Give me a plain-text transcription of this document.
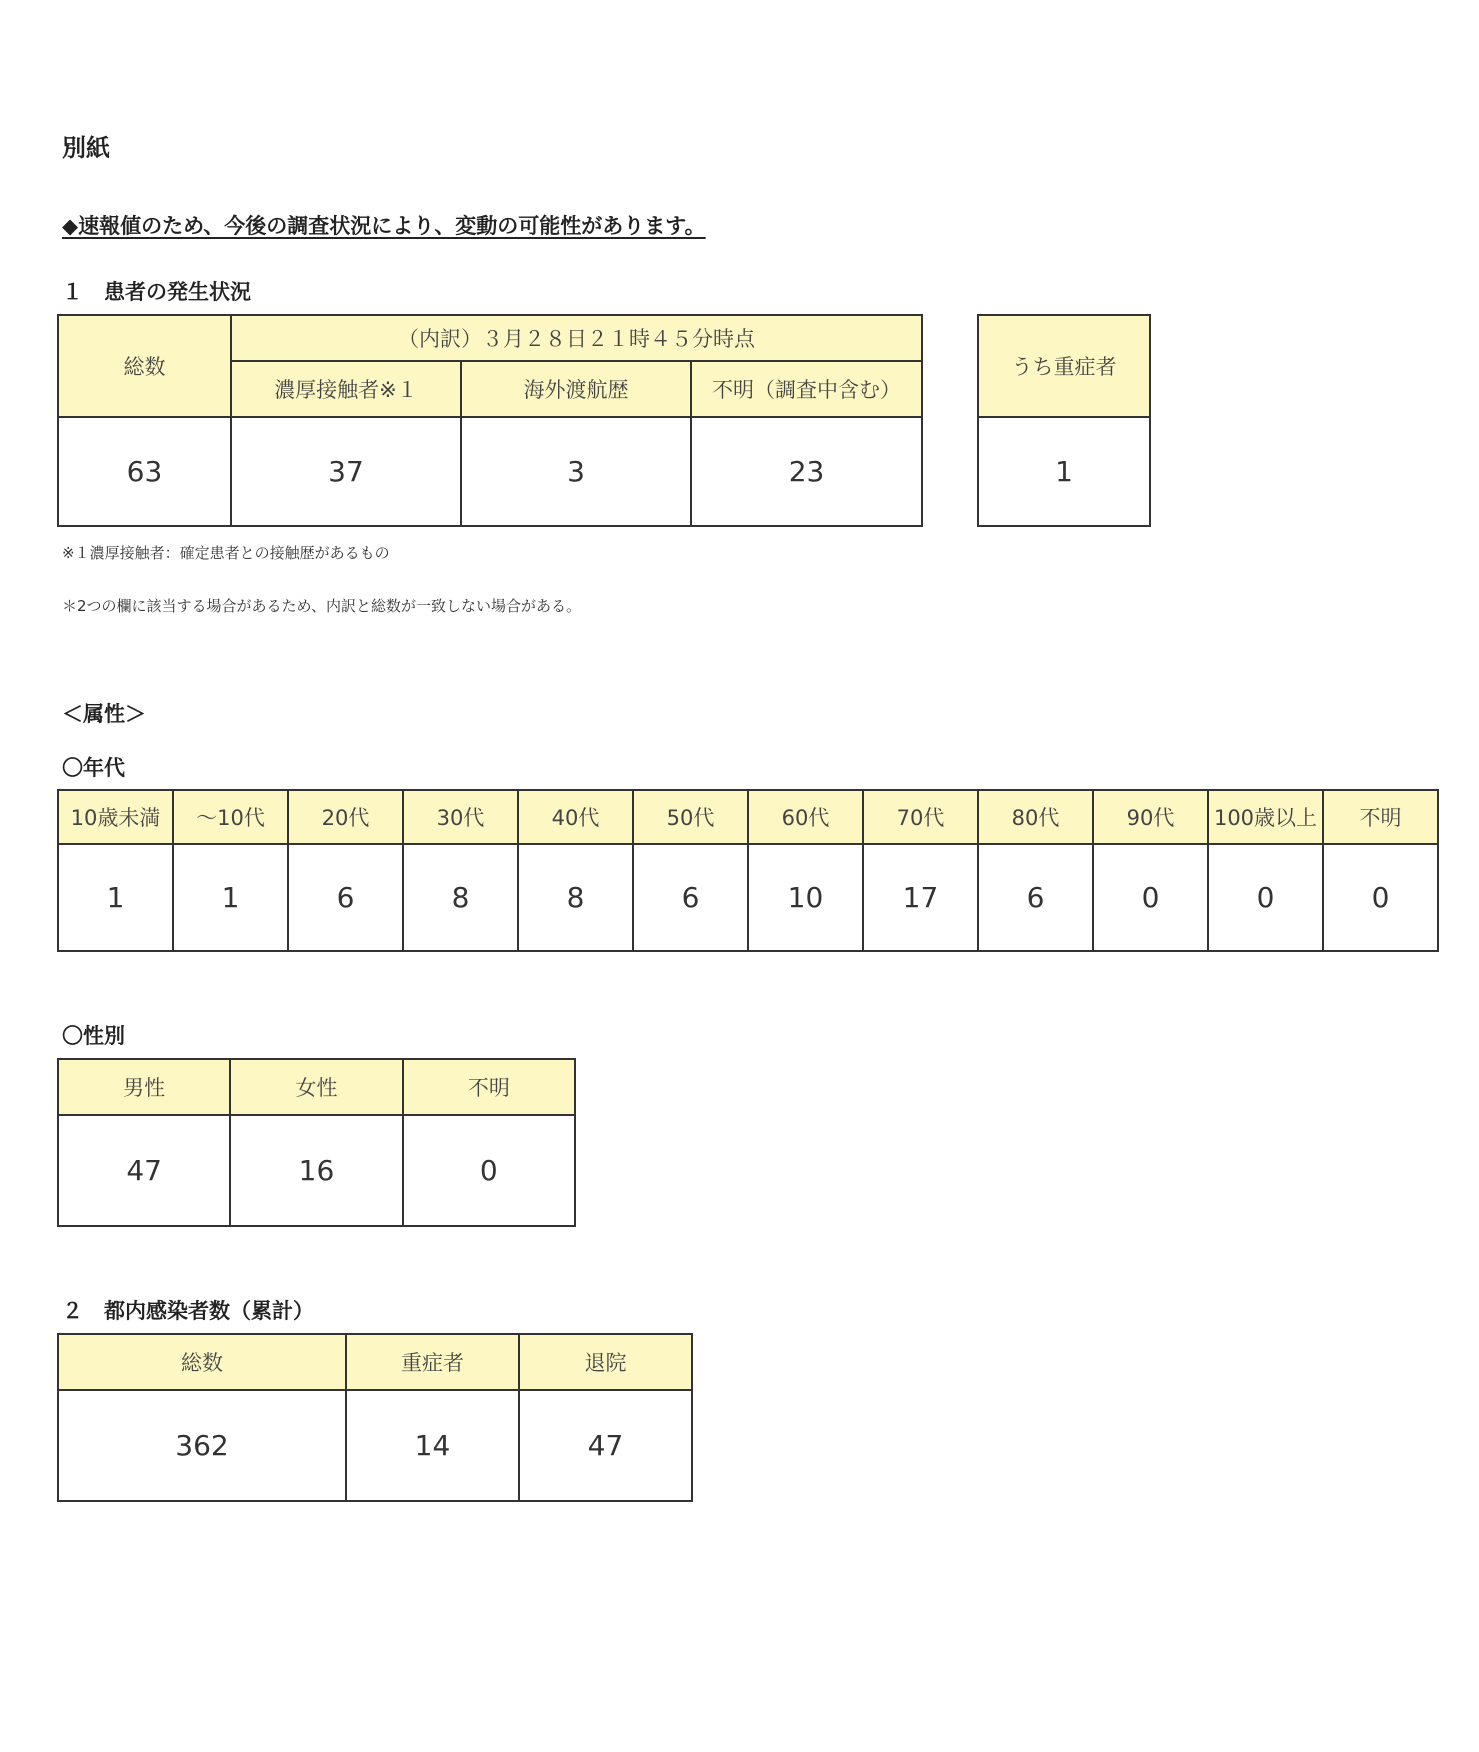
別紙
◆速報値のため、今後の調査状況により、変動の可能性があります。
１　患者の発生状況
総数	（内訳）３月２８日２１時４５分時点		
	濃厚接触者※１	海外渡航歴	不明（調査中含む）
63	37	3	23
うち重症者
1
※１濃厚接触者：確定患者との接触歴があるもの
＊2つの欄に該当する場合があるため、内訳と総数が一致しない場合がある。
＜属性＞
〇年代
10歳未満	～10代	20代	30代	40代	50代	60代	70代	80代	90代	100歳以上	不明
1	1	6	8	8	6	10	17	6	0	0	0
〇性別
男性	女性	不明
47	16	0
２　都内感染者数（累計）
総数	重症者	退院
362	14	47
